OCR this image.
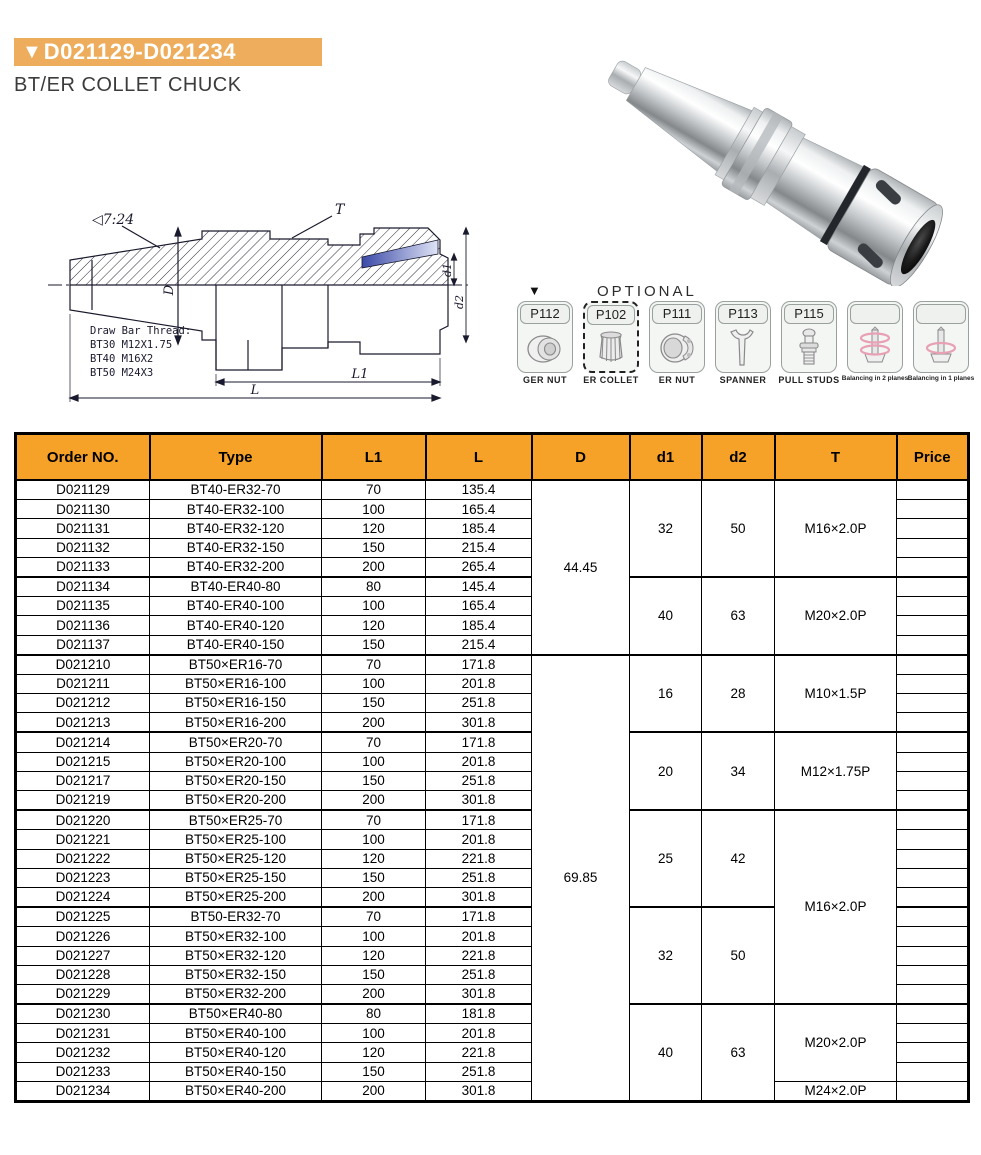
▼ D021129-D021234
BT/ER COLLET CHUCK
◁7:24
T
D
d1
d2
L1
L
Draw Bar Thread:
BT30 M12X1.75
BT40 M16X2
BT50 M24X3
▼	OPTIONAL
P112
GER NUT
P102
ER COLLET
P111
ER NUT
P113
SPANNER
P115
PULL STUDS Balancing in 2 planes Balancing in 1 planes
Order NO.	Type	L1	L	D	d1	d2	T	Price
D021129	BT40-ER32-70	70	135.4	44.45	32	50	M16×2.0P	
D021130	BT40-ER32-100	100	165.4					
D021131	BT40-ER32-120	120	185.4					
D021132	BT40-ER32-150	150	215.4					
D021133	BT40-ER32-200	200	265.4					
D021134	BT40-ER40-80	80	145.4		40	63	M20×2.0P	
D021135	BT40-ER40-100	100	165.4					
D021136	BT40-ER40-120	120	185.4					
D021137	BT40-ER40-150	150	215.4					
D021210	BT50×ER16-70	70	171.8	69.85	16	28	M10×1.5P	
D021211	BT50×ER16-100	100	201.8					
D021212	BT50×ER16-150	150	251.8					
D021213	BT50×ER16-200	200	301.8					
D021214	BT50×ER20-70	70	171.8		20	34	M12×1.75P	
D021215	BT50×ER20-100	100	201.8					
D021217	BT50×ER20-150	150	251.8					
D021219	BT50×ER20-200	200	301.8					
D021220	BT50×ER25-70	70	171.8		25	42	M16×2.0P	
D021221	BT50×ER25-100	100	201.8					
D021222	BT50×ER25-120	120	221.8					
D021223	BT50×ER25-150	150	251.8					
D021224	BT50×ER25-200	200	301.8					
D021225	BT50-ER32-70	70	171.8		32	50		
D021226	BT50×ER32-100	100	201.8					
D021227	BT50×ER32-120	120	221.8					
D021228	BT50×ER32-150	150	251.8					
D021229	BT50×ER32-200	200	301.8					
D021230	BT50×ER40-80	80	181.8		40	63	M20×2.0P	
D021231	BT50×ER40-100	100	201.8					
D021232	BT50×ER40-120	120	221.8					
D021233	BT50×ER40-150	150	251.8					
D021234	BT50×ER40-200	200	301.8				M24×2.0P	
